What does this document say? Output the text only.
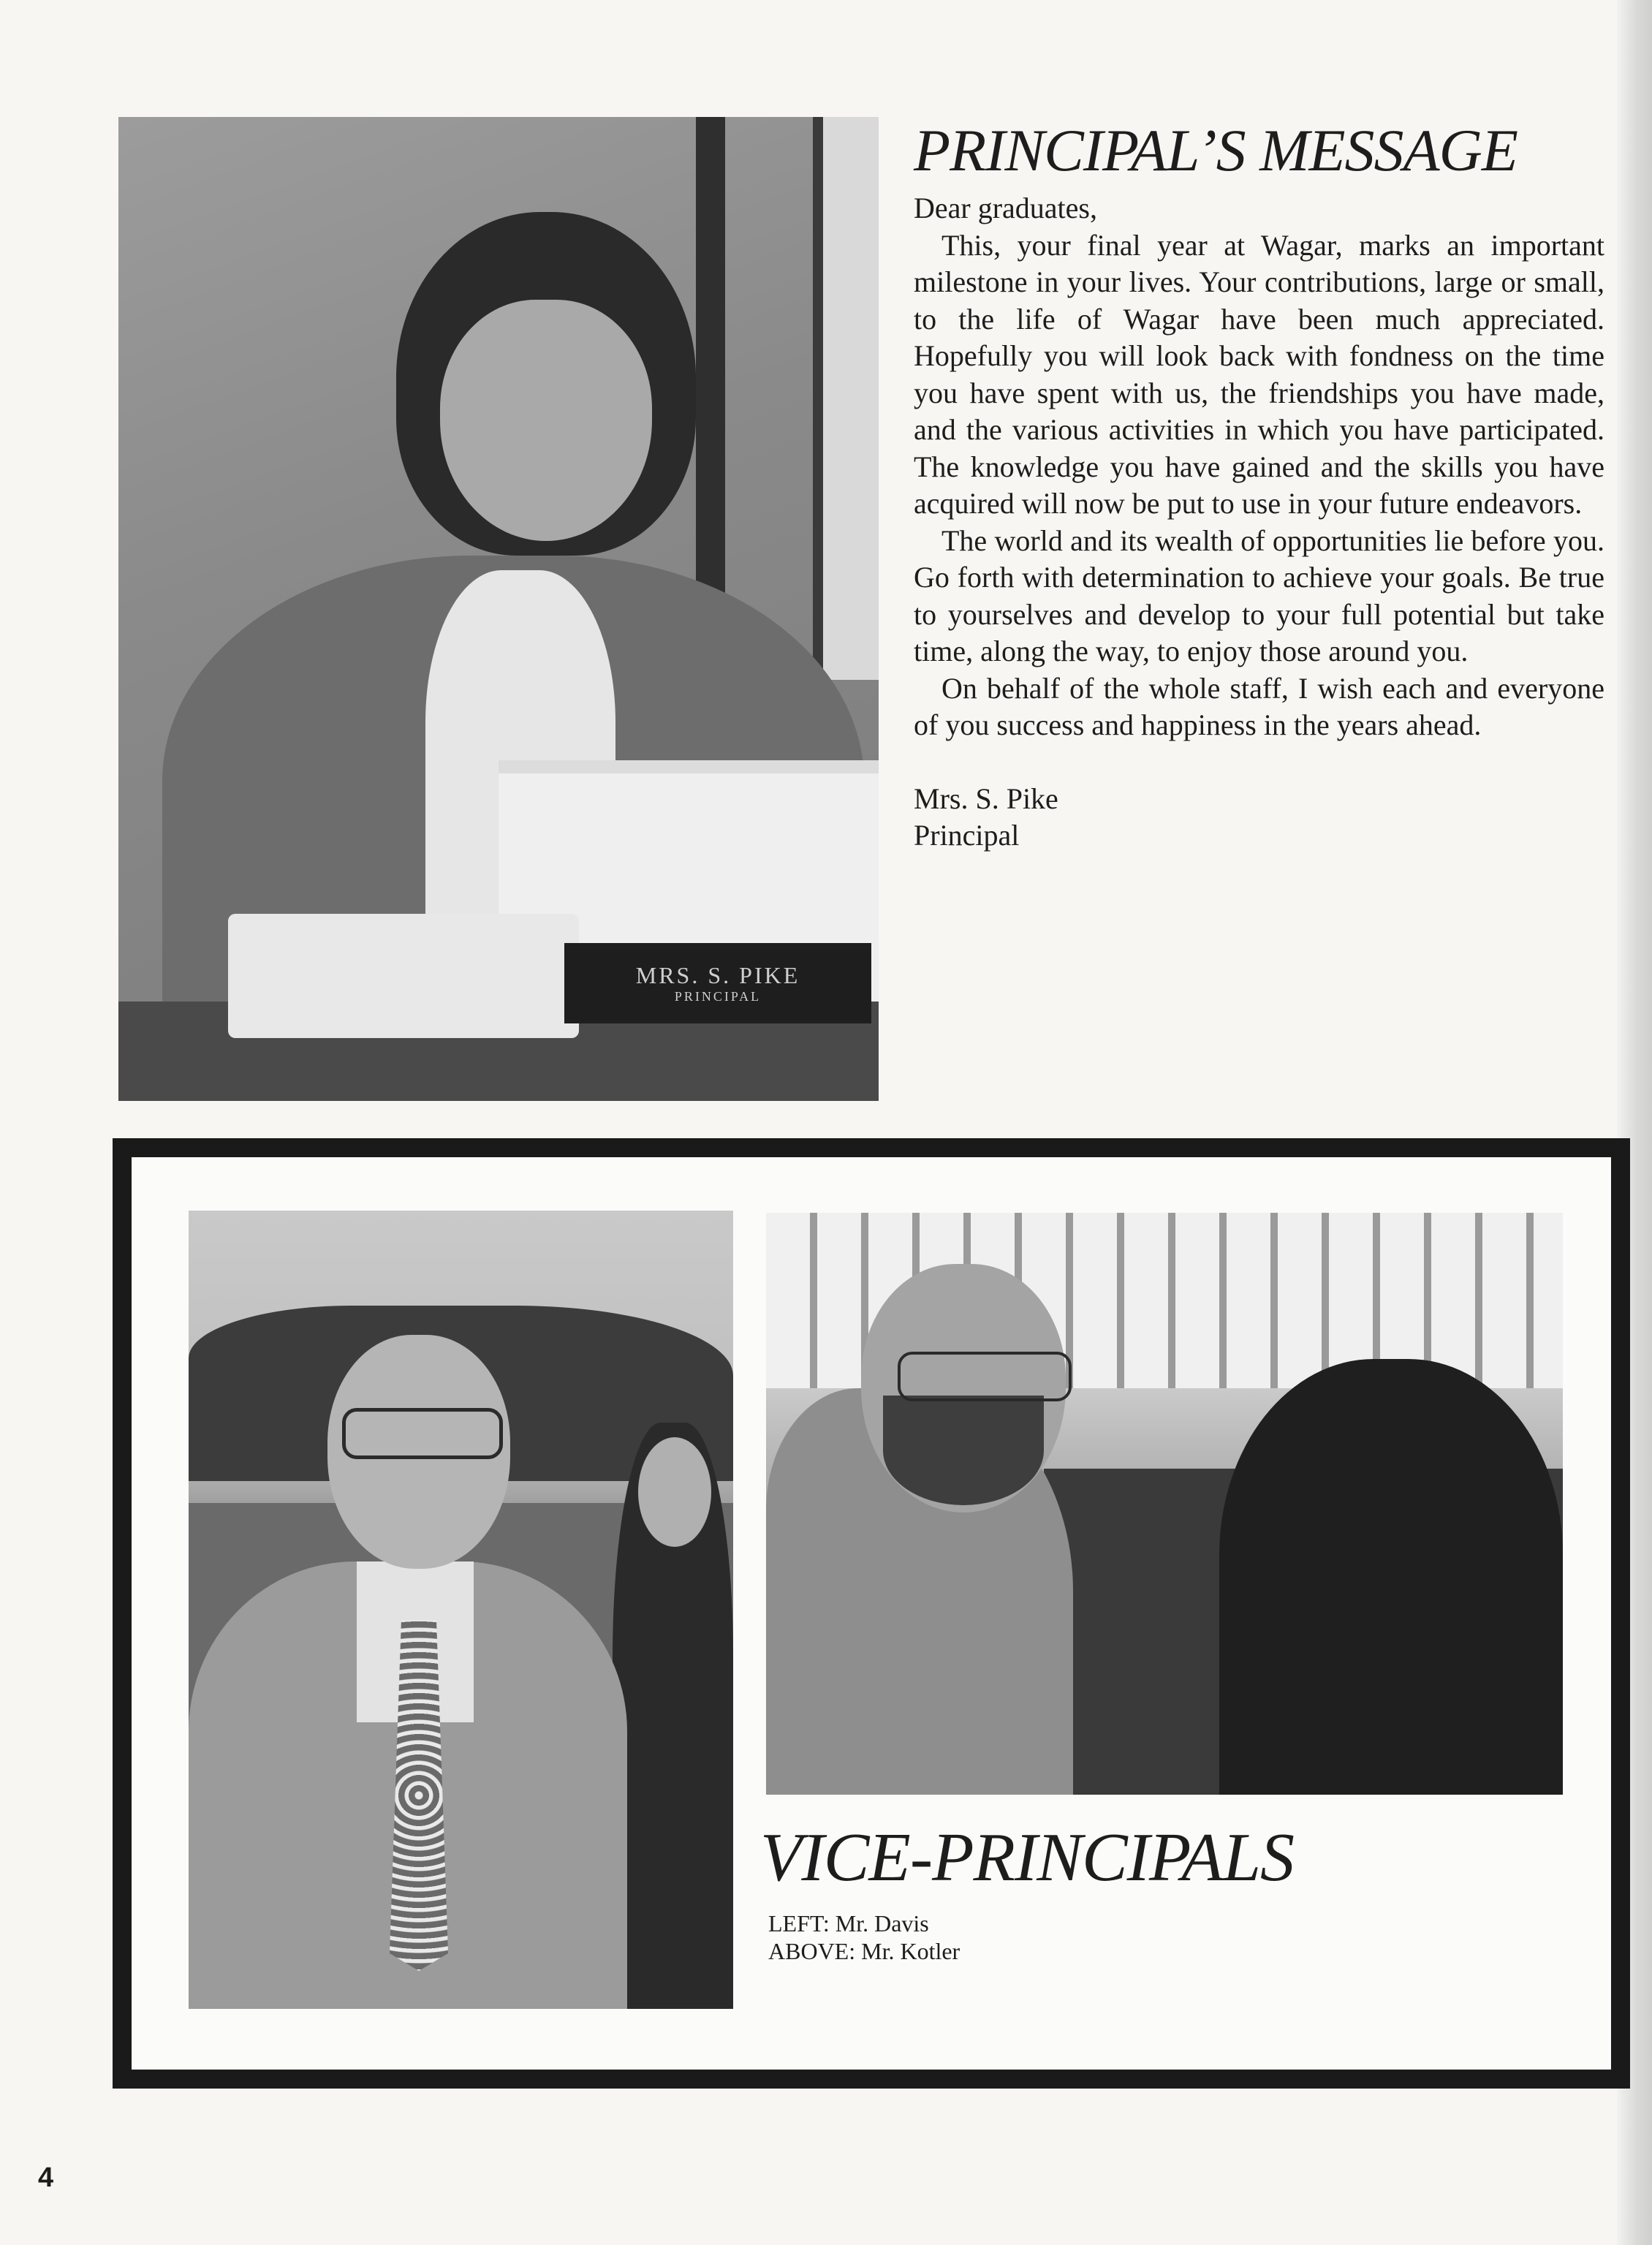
MRS. S. PIKE
PRINCIPAL
PRINCIPAL’S MESSAGE

Dear graduates,

This, your final year at Wagar, marks an important milestone in your lives. Your contributions, large or small, to the life of Wagar have been much appreciated. Hopefully you will look back with fondness on the time you have spent with us, the friendships you have made, and the various activities in which you have participated. The knowledge you have gained and the skills you have acquired will now be put to use in your future endeavors.

The world and its wealth of opportunities lie before you. Go forth with determination to achieve your goals. Be true to yourselves and develop to your full potential but take time, along the way, to enjoy those around you.

On behalf of the whole staff, I wish each and everyone of you success and happiness in the years ahead.

Mrs. S. Pike
Principal
VICE-PRINCIPALS
LEFT: Mr. Davis
ABOVE: Mr. Kotler
4
